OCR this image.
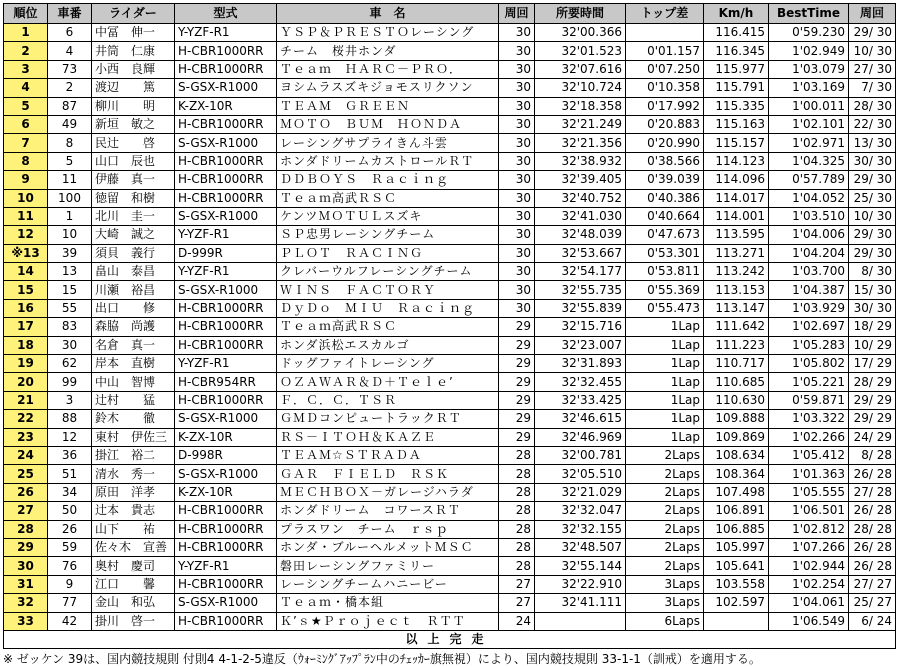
順位	車番	ライダー	型式	車　名	周回	所要時間	トップ差	Km/h	BestTime	周回
1	6	中冨　伸一	Y-YZF-R1	ＹＳＰ＆ＰＲＥＳＴＯレーシング	30	32'00.366		116.415	0'59.230	29/ 30
2	4	井筒　仁康	H-CBR1000RR	チーム　桜井ホンダ	30	32'01.523	0'01.157	116.345	1'02.949	10/ 30
3	73	小西　良輝	H-CBR1000RR	Ｔｅａｍ　ＨＡＲＣ－ＰＲＯ．	30	32'07.616	0'07.250	115.977	1'03.079	27/ 30
4	2	渡辺　　篤	S-GSX-R1000	ヨシムラスズキジョモスリクソン	30	32'10.724	0'10.358	115.791	1'03.169	7/ 30
5	87	柳川　　明	K-ZX-10R	ＴＥＡＭ　ＧＲＥＥＮ	30	32'18.358	0'17.992	115.335	1'00.011	28/ 30
6	49	新垣　敏之	H-CBR1000RR	ＭＯＴＯ　ＢＵＭ　ＨＯＮＤＡ	30	32'21.249	0'20.883	115.163	1'02.101	22/ 30
7	8	民辻　　啓	S-GSX-R1000	レーシングサプライきん斗雲	30	32'21.356	0'20.990	115.157	1'02.971	13/ 30
8	5	山口　辰也	H-CBR1000RR	ホンダドリームカストロールＲＴ	30	32'38.932	0'38.566	114.123	1'04.325	30/ 30
9	11	伊藤　真一	H-CBR1000RR	ＤＤＢＯＹＳ　Ｒａｃｉｎｇ	30	32'39.405	0'39.039	114.096	0'57.789	29/ 30
10	100	徳留　和樹	H-CBR1000RR	Ｔｅａｍ高武ＲＳＣ	30	32'40.752	0'40.386	114.017	1'04.052	25/ 30
11	1	北川　圭一	S-GSX-R1000	ケンツＭＯＴＵＬスズキ	30	32'41.030	0'40.664	114.001	1'03.510	10/ 30
12	10	大崎　誠之	Y-YZF-R1	ＳＰ忠男レーシングチーム	30	32'48.039	0'47.673	113.595	1'04.006	29/ 30
※13	39	須貝　義行	D-999R	ＰＬＯＴ　ＲＡＣＩＮＧ	30	32'53.667	0'53.301	113.271	1'04.204	29/ 30
14	13	畠山　泰昌	Y-YZF-R1	クレバーウルフレーシングチーム	30	32'54.177	0'53.811	113.242	1'03.700	8/ 30
15	15	川瀬　裕昌	S-GSX-R1000	ＷＩＮＳ　ＦＡＣＴＯＲＹ	30	32'55.735	0'55.369	113.153	1'04.387	15/ 30
16	55	出口　　修	H-CBR1000RR	ＤｙＤｏ　ＭＩＵ　Ｒａｃｉｎｇ	30	32'55.839	0'55.473	113.147	1'03.929	30/ 30
17	83	森脇　尚護	H-CBR1000RR	Ｔｅａｍ高武ＲＳＣ	29	32'15.716	1Lap	111.642	1'02.697	18/ 29
18	30	名倉　真一	H-CBR1000RR	ホンダ浜松エスカルゴ	29	32'23.007	1Lap	111.223	1'05.283	10/ 29
19	62	岸本　直樹	Y-YZF-R1	ドッグファイトレーシング	29	32'31.893	1Lap	110.717	1'05.802	17/ 29
20	99	中山　智博	H-CBR954RR	ＯＺＡＷＡＲ＆Ｄ＋Ｔｅｌｅ’	29	32'32.455	1Lap	110.685	1'05.221	28/ 29
21	3	辻村　　猛	H-CBR1000RR	Ｆ．Ｃ．Ｃ．ＴＳＲ	29	32'33.425	1Lap	110.630	0'59.871	29/ 29
22	88	鈴木　　徹	S-GSX-R1000	ＧＭＤコンピュートラックＲＴ	29	32'46.615	1Lap	109.888	1'03.322	29/ 29
23	12	東村　伊佐三	K-ZX-10R	ＲＳ－ＩＴＯＨ＆ＫＡＺＥ	29	32'46.969	1Lap	109.869	1'02.266	24/ 29
24	36	掛江　裕二	D-998R	ＴＥＡＭ☆ＳＴＲＡＤＡ	28	32'00.781	2Laps	108.634	1'05.412	8/ 28
25	51	清水　秀一	S-GSX-R1000	ＧＡＲ　ＦＩＥＬＤ　ＲＳＫ	28	32'05.510	2Laps	108.364	1'01.363	26/ 28
26	34	原田　洋孝	K-ZX-10R	ＭＥＣＨＢＯＸ－ガレージハラダ	28	32'21.029	2Laps	107.498	1'05.555	27/ 28
27	50	辻本　貴志	H-CBR1000RR	ホンダドリーム　コワースＲＴ	28	32'32.047	2Laps	106.891	1'06.501	26/ 28
28	26	山下　　祐	H-CBR1000RR	プラスワン　チーム　ｒｓｐ	28	32'32.155	2Laps	106.885	1'02.812	28/ 28
29	59	佐々木　宣善	H-CBR1000RR	ホンダ・ブルーヘルメットＭＳＣ	28	32'48.507	2Laps	105.997	1'07.266	26/ 28
30	76	奥村　慶司	Y-YZF-R1	磐田レーシングファミリー	28	32'55.144	2Laps	105.641	1'02.944	26/ 28
31	9	江口　　馨	H-CBR1000RR	レーシングチームハニービー	27	32'22.910	3Laps	103.558	1'02.254	27/ 27
32	77	金山　和弘	S-GSX-R1000	Ｔｅａｍ・橋本組	27	32'41.111	3Laps	102.597	1'04.061	25/ 27
33	42	掛川　啓一	H-CBR1000RR	Ｋ’ｓ★Ｐｒｏｊｅｃｔ　ＲＴＴ	24		6Laps		1'06.549	6/ 24
以上完走										
※ ゼッケン 39は、国内競技規則 付則4 4-1-2-5違反（ｳｫｰﾐﾝｸﾞｱｯﾌﾟﾗﾝ中のﾁｪｯｶｰ旗無視）により、国内競技規則 33-1-1（訓戒）を適用する。
